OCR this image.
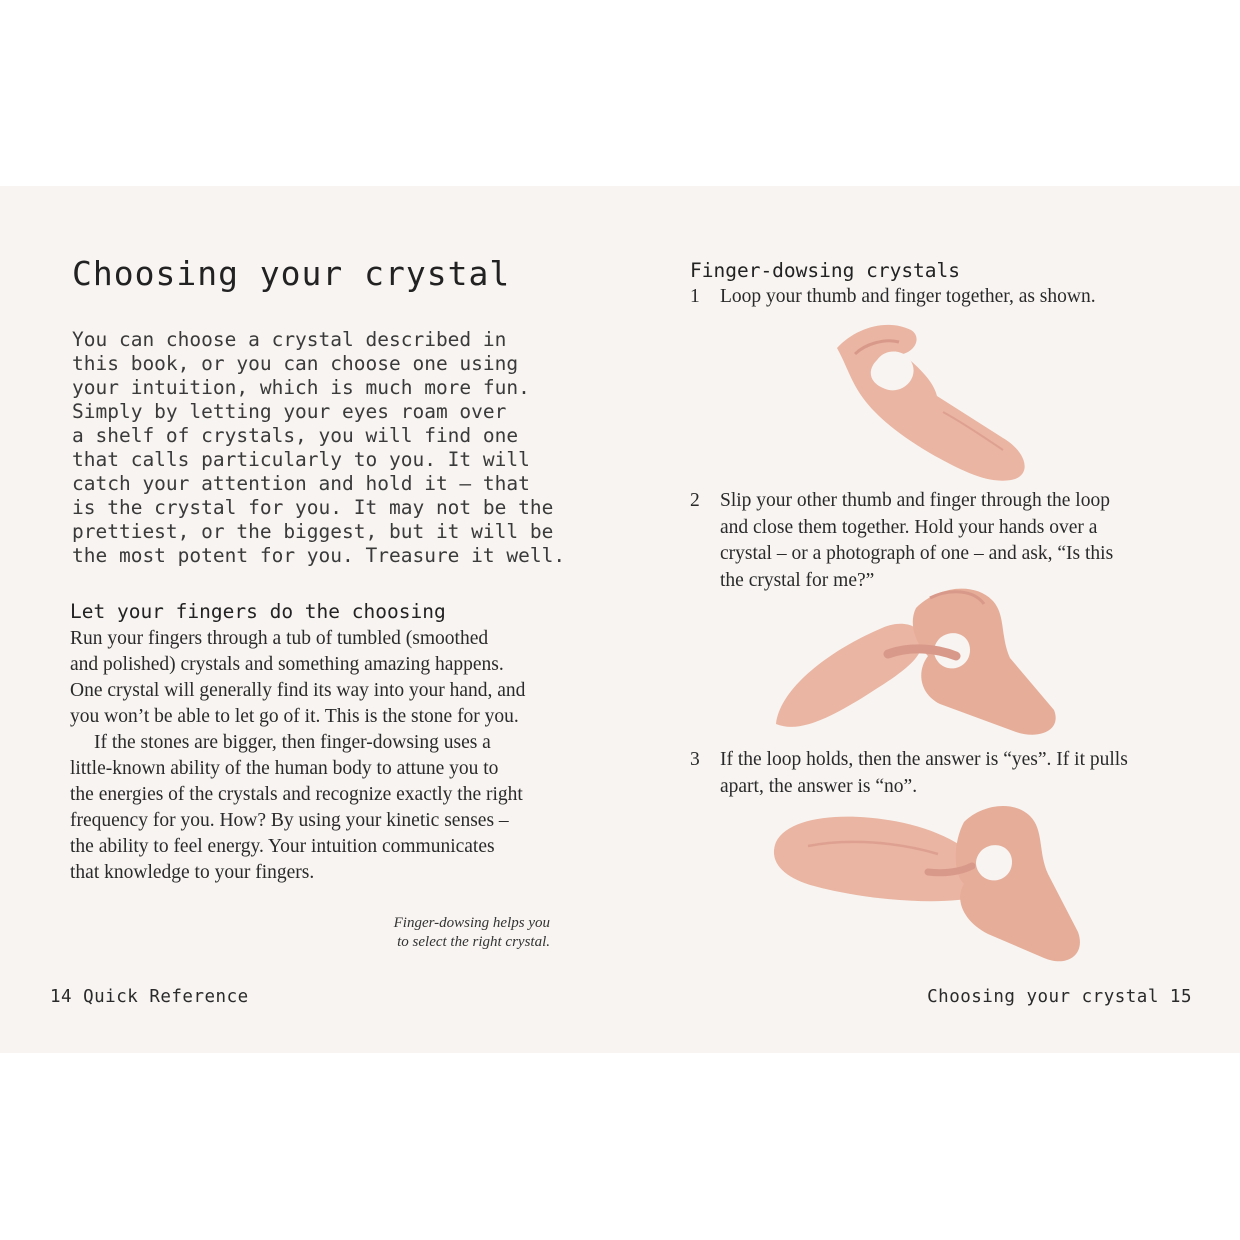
Choosing your crystal

You can choose a crystal described in
this book, or you can choose one using
your intuition, which is much more fun.
Simply by letting your eyes roam over
a shelf of crystals, you will find one
that calls particularly to you. It will
catch your attention and hold it – that
is the crystal for you. It may not be the
prettiest, or the biggest, but it will be
the most potent for you. Treasure it well.

Let your fingers do the choosing

Run your fingers through a tub of tumbled (smoothed
and polished) crystals and something amazing happens.
One crystal will generally find its way into your hand, and
you won’t be able to let go of it. This is the stone for you.
If the stones are bigger, then finger-dowsing uses a
little-known ability of the human body to attune you to
the energies of the crystals and recognize exactly the right
frequency for you. How? By using your kinetic senses –
the ability to feel energy. Your intuition communicates
that knowledge to your fingers.

Finger-dowsing helps you
to select the right crystal.

14 Quick Reference
Finger-dowsing crystals
1 Loop your thumb and finger together, as shown.
2 Slip your other thumb and finger through the loop
and close them together. Hold your hands over a
crystal – or a photograph of one – and ask, “Is this
the crystal for me?”
3 If the loop holds, then the answer is “yes”. If it pulls
apart, the answer is “no”.
Choosing your crystal 15
